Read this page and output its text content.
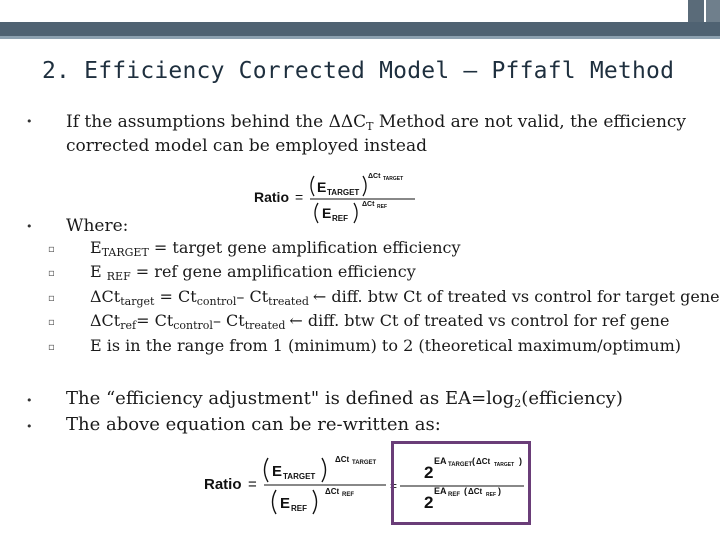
2. Efficiency Corrected Model – Pffafl Method
• If the assumptions behind the $\Delta\Delta C_T$ Method are not valid, the efficiency
corrected model can be employed instead
Ratio =
E TARGET
ΔCt TARGET
E REF
ΔCt REF
• Where:
▫ $E_{TARGET}$ = target gene amplification efficiency
▫ E $_{REF}$ = ref gene amplification efficiency
▫ $\Delta Ct_{target} = Ct_{control}-$ $Ct_{treated}$ ← diff. btw Ct of treated vs control for target gene
▫ $\Delta Ct_{ref}= Ct_{control}-$ $Ct_{treated}$ ← diff. btw Ct of treated vs control for ref gene
▫ E is in the range from 1 (minimum) to 2 (theoretical maximum/optimum)
• The “efficiency adjustment" is defined as $EA=\log_2(efficiency)$
• The above equation can be re-written as:
Ratio =
E TARGET
ΔCt TARGET
E REF
ΔCt REF
=
2
EA TARGET ( ΔCt TARGET )
2
EA REF ( ΔCt REF )
